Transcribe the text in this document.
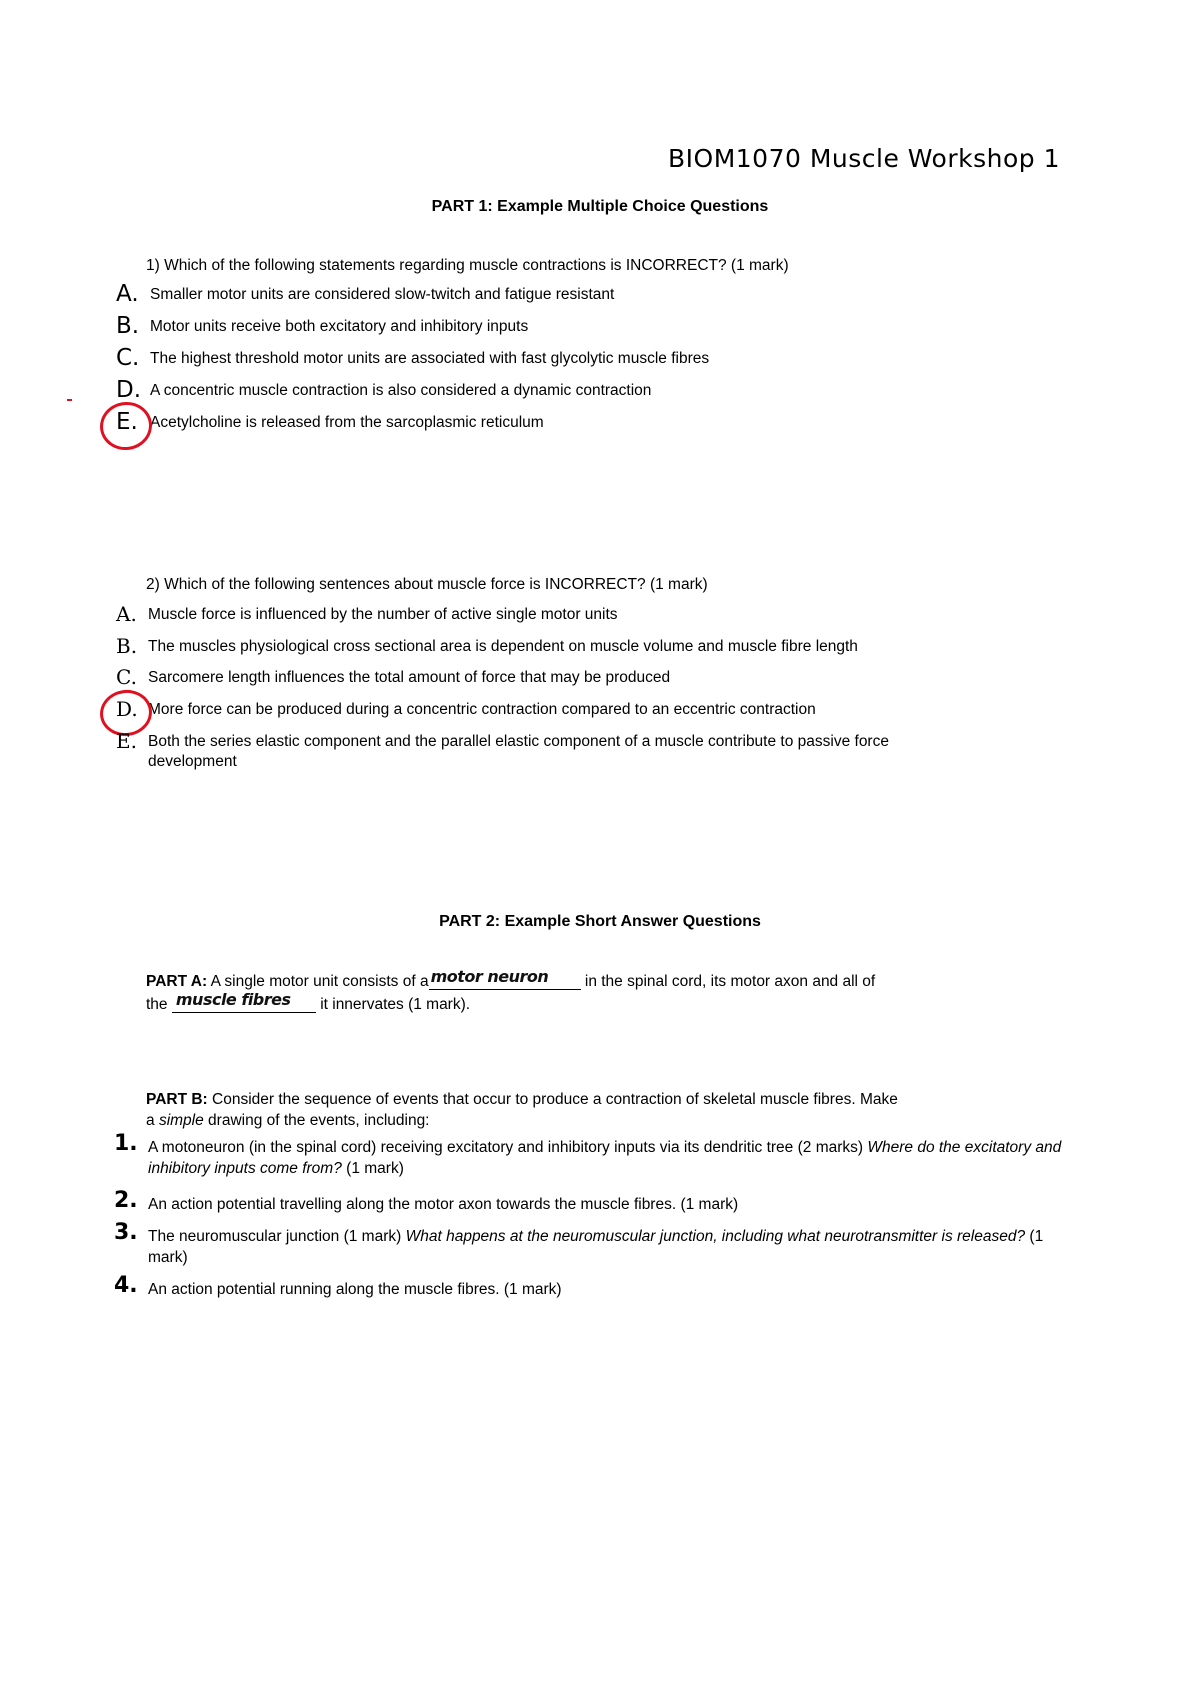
BIOM1070 Muscle Workshop 1
PART 1: Example Multiple Choice Questions
1) Which of the following statements regarding muscle contractions is INCORRECT? (1 mark)
A. Smaller motor units are considered slow-twitch and fatigue resistant
B. Motor units receive both excitatory and inhibitory inputs
C. The highest threshold motor units are associated with fast glycolytic muscle fibres
D. A concentric muscle contraction is also considered a dynamic contraction
E. Acetylcholine is released from the sarcoplasmic reticulum
2) Which of the following sentences about muscle force is INCORRECT? (1 mark)
A. Muscle force is influenced by the number of active single motor units
B. The muscles physiological cross sectional area is dependent on muscle volume and muscle fibre length
C. Sarcomere length influences the total amount of force that may be produced
D. More force can be produced during a concentric contraction compared to an eccentric contraction
E. Both the series elastic component and the parallel elastic component of a muscle contribute to passive force
development
PART 2: Example Short Answer Questions
PART A: A single motor unit consists of a motor neuron in the spinal cord, its motor axon and all of
the muscle fibres it innervates (1 mark).
PART B: Consider the sequence of events that occur to produce a contraction of skeletal muscle fibres. Make
a simple drawing of the events, including:
1. A motoneuron (in the spinal cord) receiving excitatory and inhibitory inputs via its dendritic tree (2 marks) Where do the excitatory and inhibitory inputs come from? (1 mark)
2. An action potential travelling along the motor axon towards the muscle fibres. (1 mark)
3. The neuromuscular junction (1 mark) What happens at the neuromuscular junction, including what neurotransmitter is released? (1 mark)
4. An action potential running along the muscle fibres. (1 mark)
